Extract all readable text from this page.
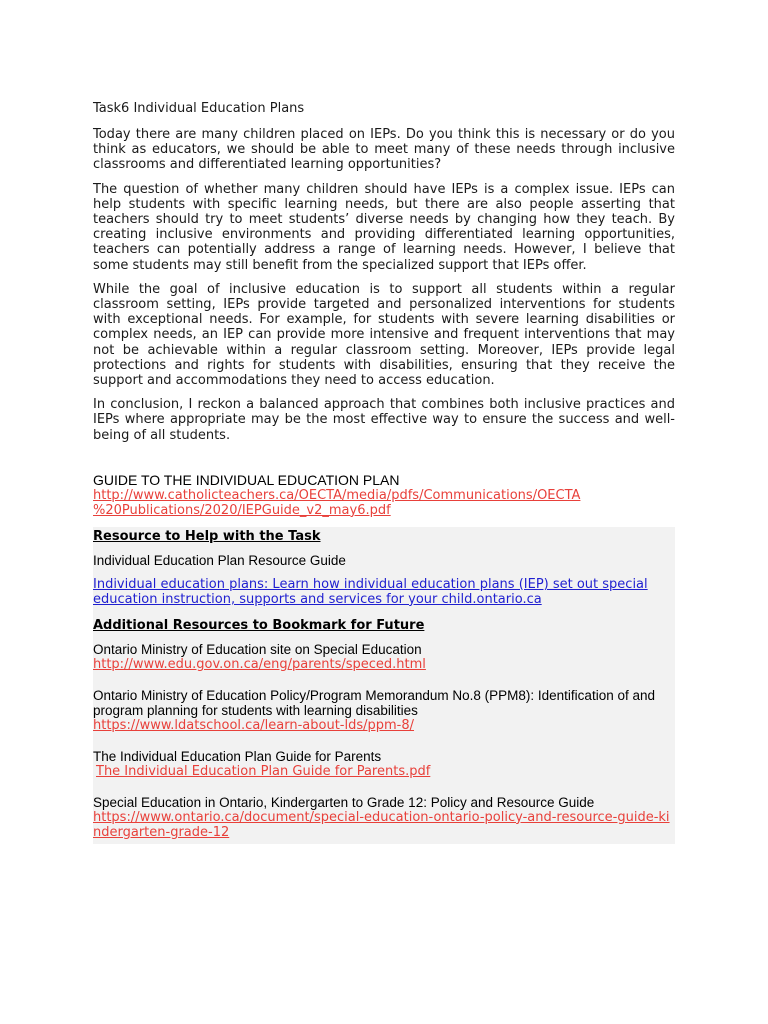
Task6 Individual Education Plans

Today there are many children placed on IEPs. Do you think this is necessary or do you think as educators, we should be able to meet many of these needs through inclusive classrooms and differentiated learning opportunities?

The question of whether many children should have IEPs is a complex issue. IEPs can help students with specific learning needs, but there are also people asserting that teachers should try to meet students’ diverse needs by changing how they teach. By creating inclusive environments and providing differentiated learning opportunities, teachers can potentially address a range of learning needs. However, I believe that some students may still benefit from the specialized support that IEPs offer.

While the goal of inclusive education is to support all students within a regular classroom setting, IEPs provide targeted and personalized interventions for students with exceptional needs. For example, for students with severe learning disabilities or complex needs, an IEP can provide more intensive and frequent interventions that may not be achievable within a regular classroom setting. Moreover, IEPs provide legal protections and rights for students with disabilities, ensuring that they receive the support and accommodations they need to access education.

In conclusion, I reckon a balanced approach that combines both inclusive practices and IEPs where appropriate may be the most effective way to ensure the success and well-being of all students.

GUIDE TO THE INDIVIDUAL EDUCATION PLAN

http://www.catholicteachers.ca/OECTA/media/pdfs/Communications/OECTA
%20Publications/2020/IEPGuide_v2_may6.pdf

Resource to Help with the Task

Individual Education Plan Resource Guide

Individual education plans: Learn how individual education plans (IEP) set out special
education instruction, supports and services for your child.ontario.ca

Additional Resources to Bookmark for Future

Ontario Ministry of Education site on Special Education

http://www.edu.gov.on.ca/eng/parents/speced.html

Ontario Ministry of Education Policy/Program Memorandum No.8 (PPM8): Identification of and program planning for students with learning disabilities

https://www.ldatschool.ca/learn-about-lds/ppm-8/

The Individual Education Plan Guide for Parents

The Individual Education Plan Guide for Parents.pdf

Special Education in Ontario, Kindergarten to Grade 12: Policy and Resource Guide

https://www.ontario.ca/document/special-education-ontario-policy-and-resource-guide-kindergarten-grade-12
